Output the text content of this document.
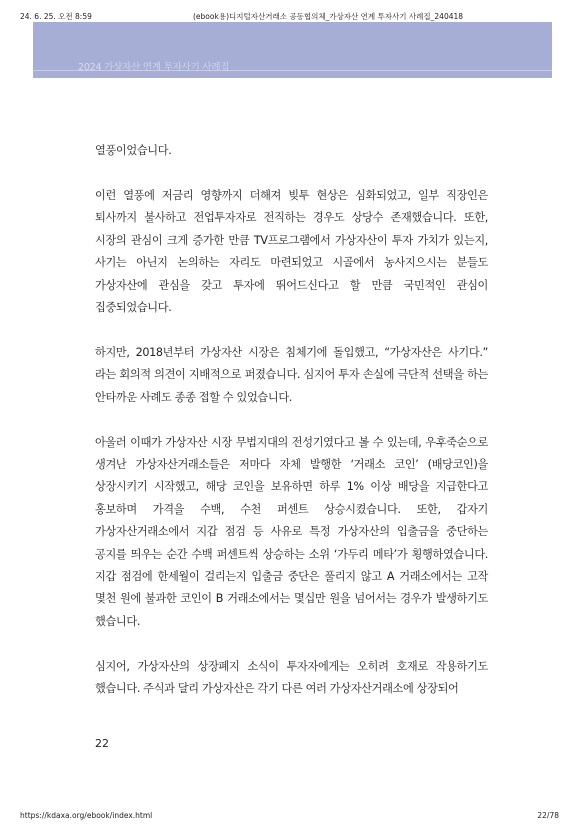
24. 6. 25. 오전 8:59	(ebook용)디지털자산거래소 공동협의체_가상자산 연계 투자사기 사례집_240418
2024 가상자산 연계 투자사기 사례집

열풍이었습니다.

이런 열풍에 저금리 영향까지 더해져 빚투 현상은 심화되었고, 일부 직장인은 퇴사까지 불사하고 전업투자자로 전직하는 경우도 상당수 존재했습니다. 또한, 시장의 관심이 크게 증가한 만큼 TV프로그램에서 가상자산이 투자 가치가 있는지, 사기는 아닌지 논의하는 자리도 마련되었고 시골에서 농사지으시는 분들도 가상자산에 관심을 갖고 투자에 뛰어드신다고 할 만큼 국민적인 관심이 집중되었습니다.

하지만, 2018년부터 가상자산 시장은 침체기에 돌입했고, “가상자산은 사기다.” 라는 회의적 의견이 지배적으로 퍼졌습니다. 심지어 투자 손실에 극단적 선택을 하는 안타까운 사례도 종종 접할 수 있었습니다.

아울러 이때가 가상자산 시장 무법지대의 전성기였다고 볼 수 있는데, 우후죽순으로 생겨난 가상자산거래소들은 저마다 자체 발행한 ‘거래소 코인’ (배당코인)을 상장시키기 시작했고, 해당 코인을 보유하면 하루 1% 이상 배당을 지급한다고 홍보하며 가격을 수백, 수천 퍼센트 상승시켰습니다. 또한, 갑자기 가상자산거래소에서 지갑 점검 등 사유로 특정 가상자산의 입출금을 중단하는 공지를 띄우는 순간 수백 퍼센트씩 상승하는 소위 ‘가두리 메타’가 횡행하였습니다. 지갑 점검에 한세월이 걸리는지 입출금 중단은 풀리지 않고 A 거래소에서는 고작 몇천 원에 불과한 코인이 B 거래소에서는 몇십만 원을 넘어서는 경우가 발생하기도 했습니다.

심지어, 가상자산의 상장폐지 소식이 투자자에게는 오히려 호재로 작용하기도 했습니다. 주식과 달리 가상자산은 각기 다른 여러 가상자산거래소에 상장되어

22
https://kdaxa.org/ebook/index.html	22/78
